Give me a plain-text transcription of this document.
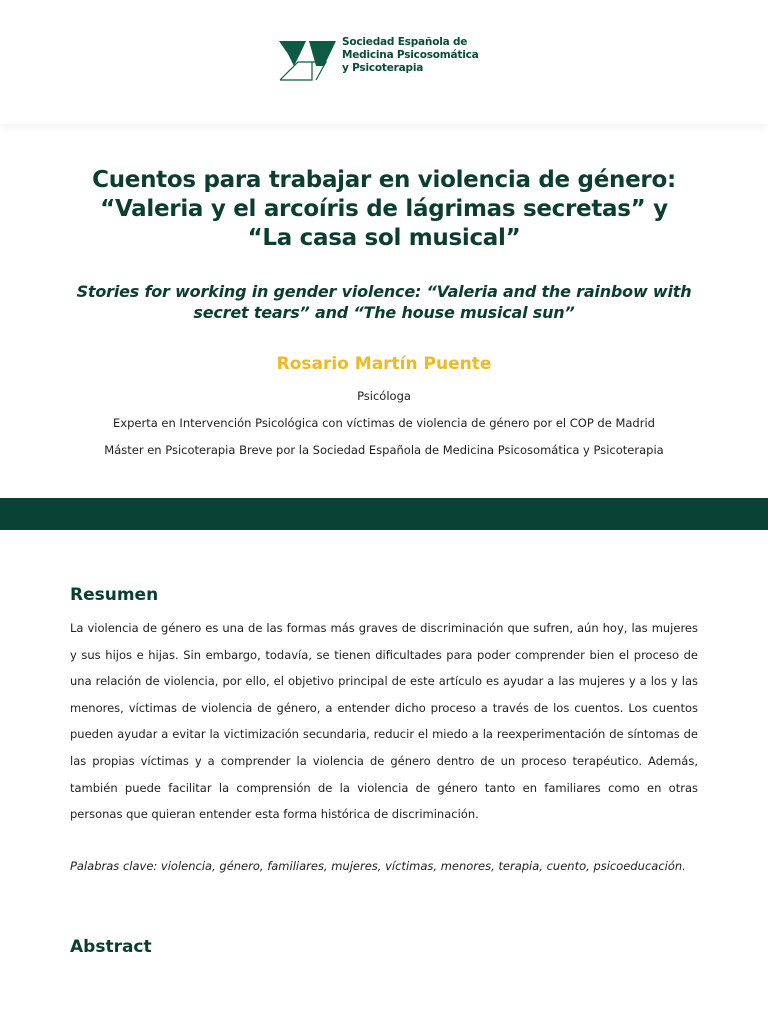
Sociedad Española de
Medicina Psicosomática
y Psicoterapia
Cuentos para trabajar en violencia de género:
“Valeria y el arcoíris de lágrimas secretas” y
“La casa sol musical”
Stories for working in gender violence: “Valeria and the rainbow with
secret tears” and “The house musical sun”
Rosario Martín Puente
Psicóloga
Experta en Intervención Psicológica con víctimas de violencia de género por el COP de Madrid
Máster en Psicoterapia Breve por la Sociedad Española de Medicina Psicosomática y Psicoterapia
Resumen
La violencia de género es una de las formas más graves de discriminación que sufren, aún hoy, las mujeres y sus hijos e hijas. Sin embargo, todavía, se tienen dificultades para poder comprender bien el proceso de una relación de violencia, por ello, el objetivo principal de este artículo es ayudar a las mujeres y a los y las menores, víctimas de violencia de género, a entender dicho proceso a través de los cuentos. Los cuentos pueden ayudar a evitar la victimización secundaria, reducir el miedo a la reexperimentación de síntomas de las propias víctimas y a comprender la violencia de género dentro de un proceso terapéutico. Además, también puede facilitar la comprensión de la violencia de género tanto en familiares como en otras personas que quieran entender esta forma histórica de discriminación.
Palabras clave: violencia, género, familiares, mujeres, víctimas, menores, terapia, cuento, psicoeducación.
Abstract
